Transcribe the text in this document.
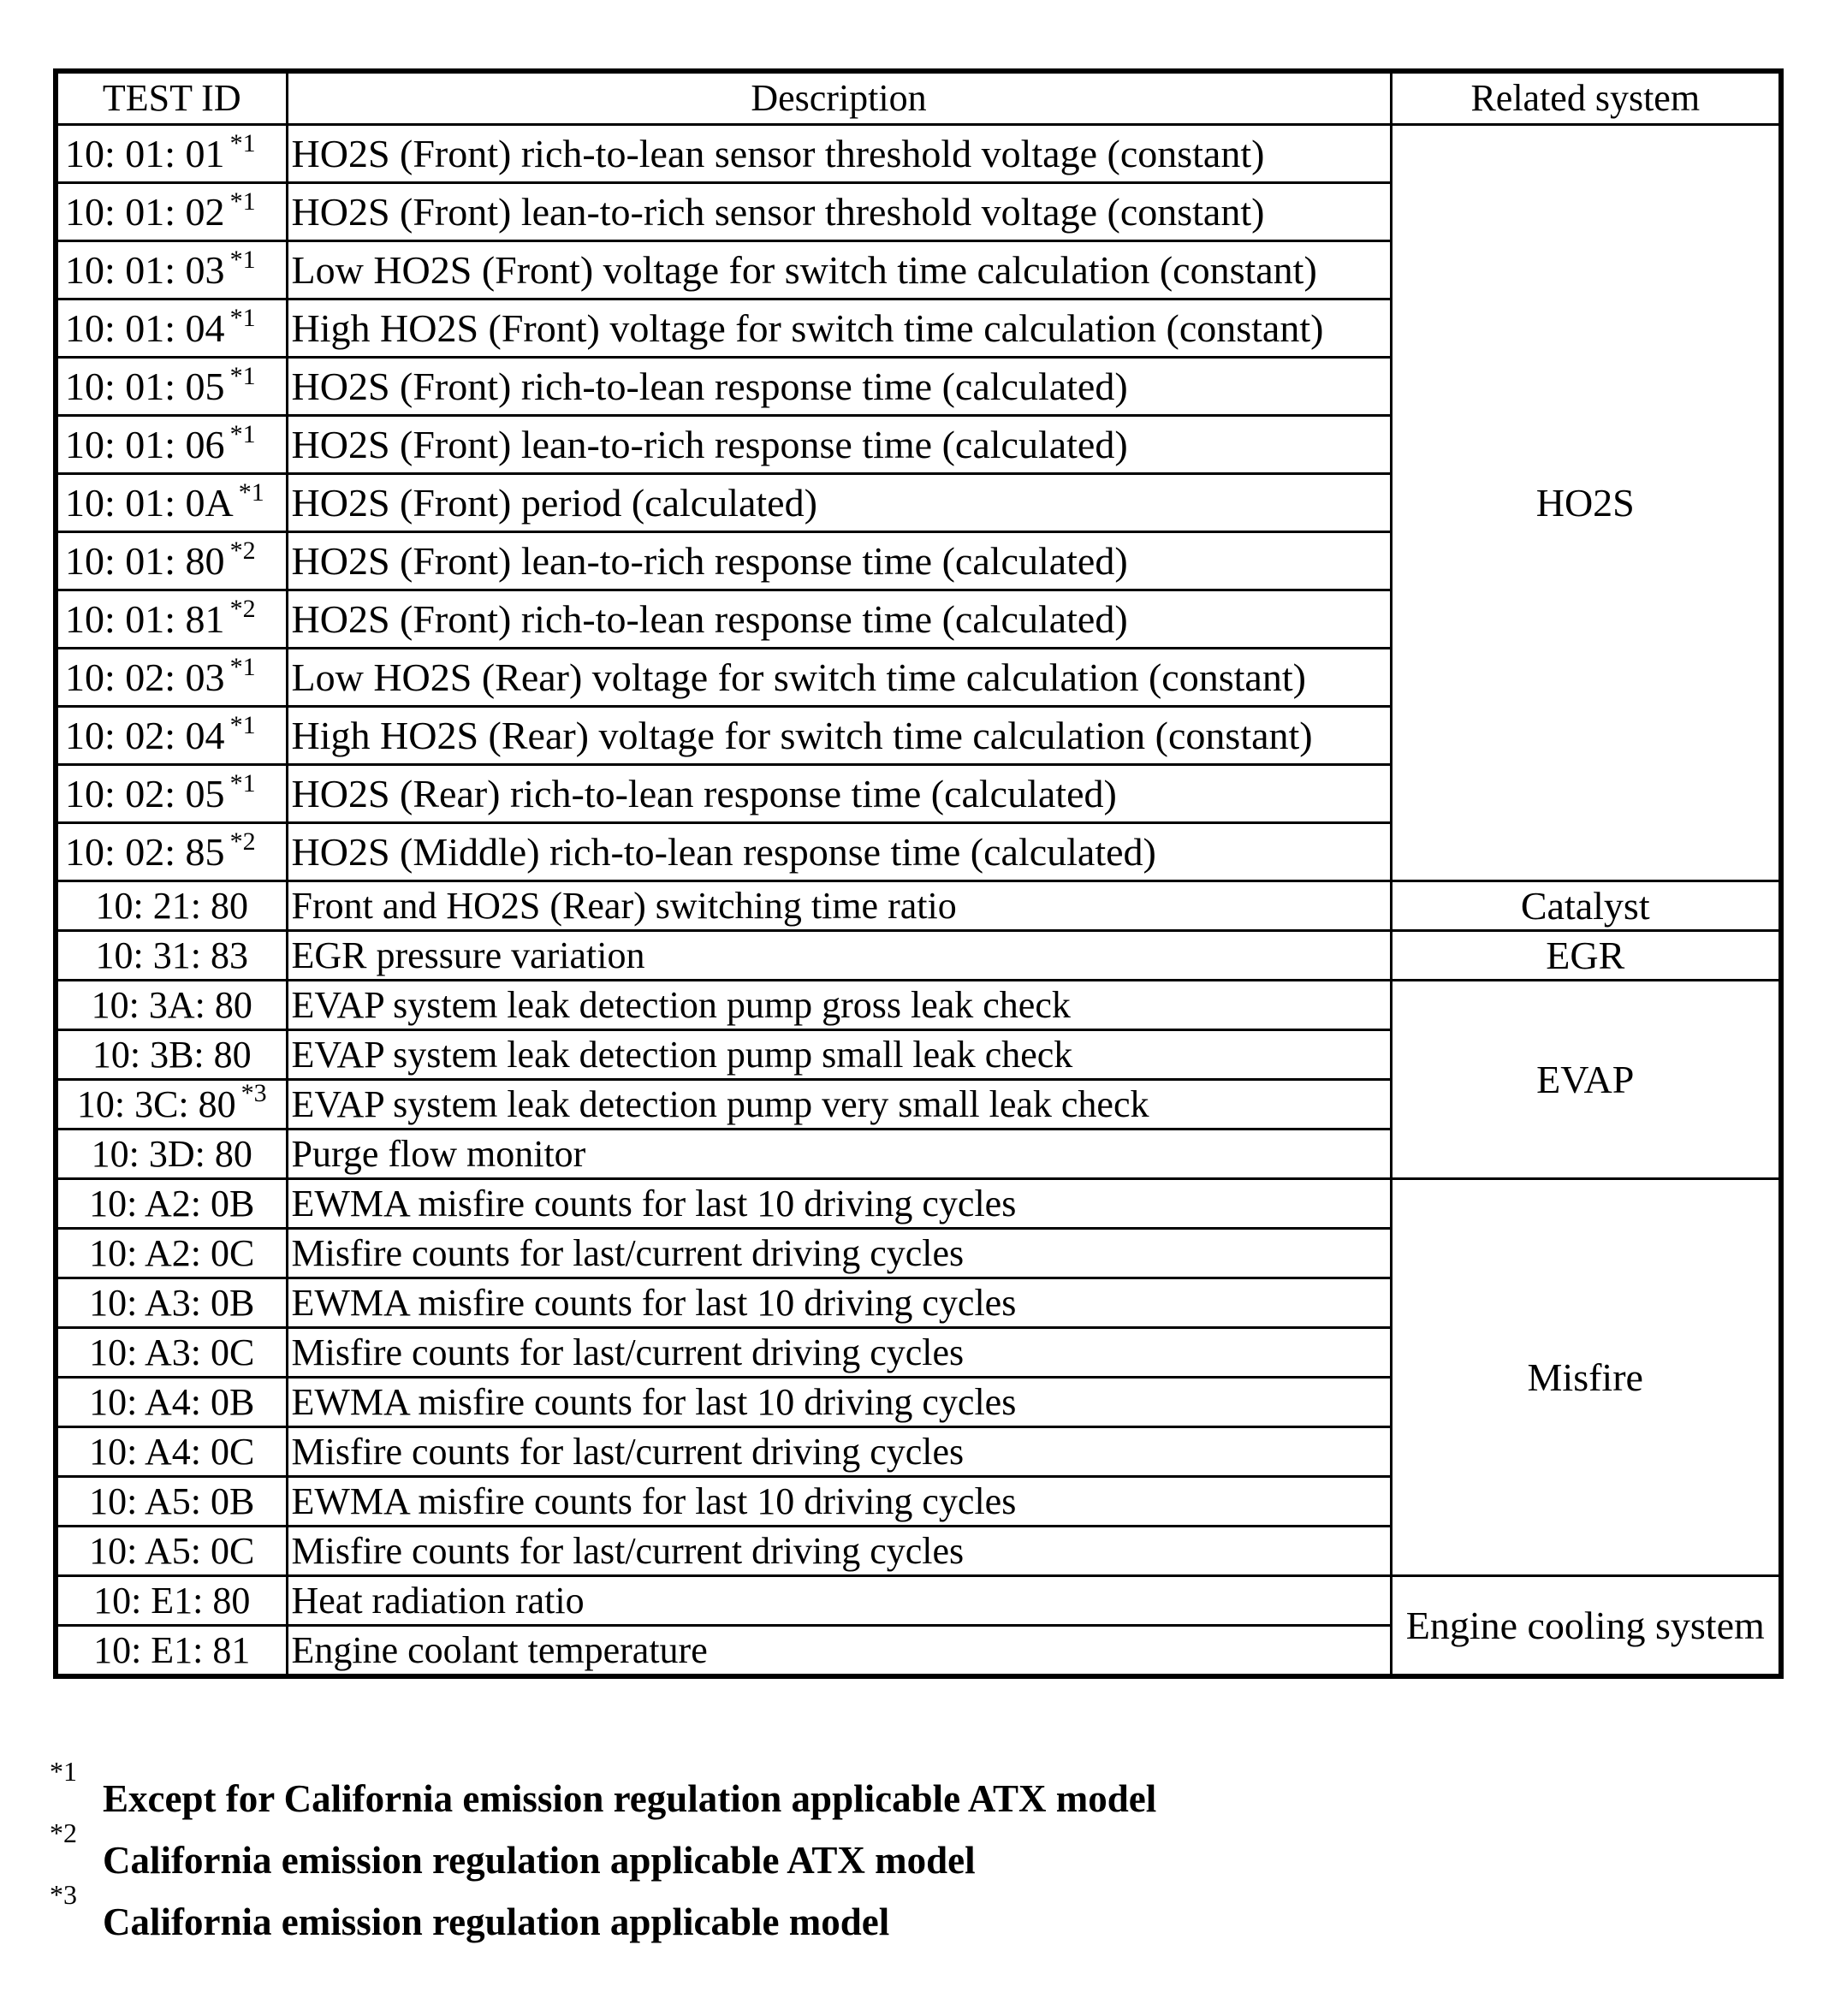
TEST ID	Description	Related system
10: 01: 01 $^{*1}$	HO2S (Front) rich-to-lean sensor threshold voltage (constant)	HO2S
10: 01: 02 $^{*1}$	HO2S (Front) lean-to-rich sensor threshold voltage (constant)	
10: 01: 03 $^{*1}$	Low HO2S (Front) voltage for switch time calculation (constant)	
10: 01: 04 $^{*1}$	High HO2S (Front) voltage for switch time calculation (constant)	
10: 01: 05 $^{*1}$	HO2S (Front) rich-to-lean response time (calculated)	
10: 01: 06 $^{*1}$	HO2S (Front) lean-to-rich response time (calculated)	
10: 01: 0A $^{*1}$	HO2S (Front) period (calculated)	
10: 01: 80 $^{*2}$	HO2S (Front) lean-to-rich response time (calculated)	
10: 01: 81 $^{*2}$	HO2S (Front) rich-to-lean response time (calculated)	
10: 02: 03 $^{*1}$	Low HO2S (Rear) voltage for switch time calculation (constant)	
10: 02: 04 $^{*1}$	High HO2S (Rear) voltage for switch time calculation (constant)	
10: 02: 05 $^{*1}$	HO2S (Rear) rich-to-lean response time (calculated)	
10: 02: 85 $^{*2}$	HO2S (Middle) rich-to-lean response time (calculated)	
10: 21: 80	Front and HO2S (Rear) switching time ratio	Catalyst
10: 31: 83	EGR pressure variation	EGR
10: 3A: 80	EVAP system leak detection pump gross leak check	EVAP
10: 3B: 80	EVAP system leak detection pump small leak check	
10: 3C: 80 $^{*3}$	EVAP system leak detection pump very small leak check	
10: 3D: 80	Purge flow monitor	
10: A2: 0B	EWMA misfire counts for last 10 driving cycles	Misfire
10: A2: 0C	Misfire counts for last/current driving cycles	
10: A3: 0B	EWMA misfire counts for last 10 driving cycles	
10: A3: 0C	Misfire counts for last/current driving cycles	
10: A4: 0B	EWMA misfire counts for last 10 driving cycles	
10: A4: 0C	Misfire counts for last/current driving cycles	
10: A5: 0B	EWMA misfire counts for last 10 driving cycles	
10: A5: 0C	Misfire counts for last/current driving cycles	
10: E1: 80	Heat radiation ratio	Engine cooling system
10: E1: 81	Engine coolant temperature	
*1
Except for California emission regulation applicable ATX model
*2
California emission regulation applicable ATX model
*3
California emission regulation applicable model
